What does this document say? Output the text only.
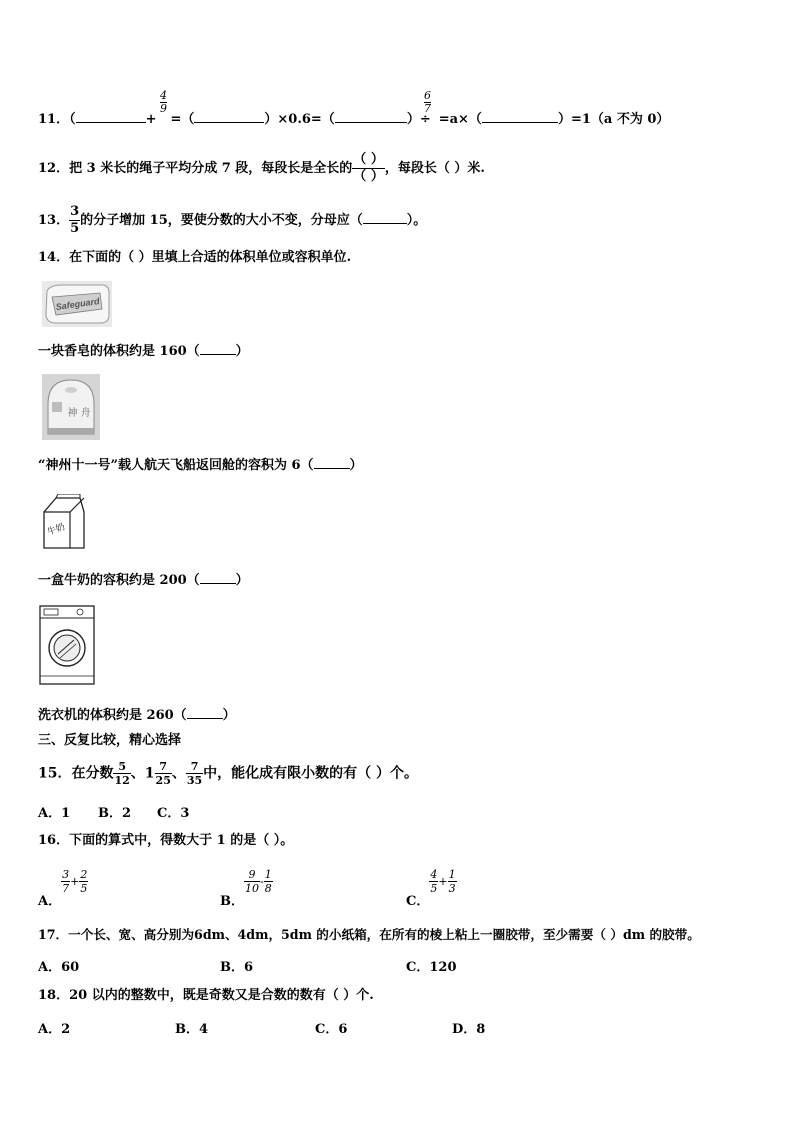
$\frac{4}{9}$	$\frac{6}{7}$
11．（	+ =（	）×0.6=（	）÷ =a×（	）=1（a 不为 0）
12．把 3 米长的绳子平均分成 7 段，每段长是全长的 $\frac{( )}{( )}$ ，每段长（ ）米.
13． $\frac{3}{5}$ 的分子增加 15，要使分数的大小不变，分母应（	）。
14．在下面的（ ）里填上合适的体积单位或容积单位.
Safeguard
一块香皂的体积约是 160（	）
神 舟
“神州十一号”载人航天飞船返回舱的容积为 6（	）
牛奶
一盒牛奶的容积约是 200（	）
洗衣机的体积约是 260（	）
三、反复比较，精心选择
15．在分数 $\frac{5}{12}$ 、$1 \frac{7}{25}$ 、 $\frac{7}{35}$ 中，能化成有限小数的有（ ）个。
A．1 B．2 C．3
16．下面的算式中，得数大于 1 的是（ ）。
A．
$\frac{3}{7} + \frac{2}{5}$
B．
$\frac{9}{10} - \frac{1}{8}$
C．
$\frac{4}{5} + \frac{1}{3}$
17．一个长、宽、高分别为6dm、4dm，5dm 的小纸箱，在所有的棱上粘上一圈胶带，至少需要（ ）dm 的胶带。
A．60	B．6	C．120
18．20 以内的整数中，既是奇数又是合数的数有（ ）个.
A．2	B．4	C．6	D．8
